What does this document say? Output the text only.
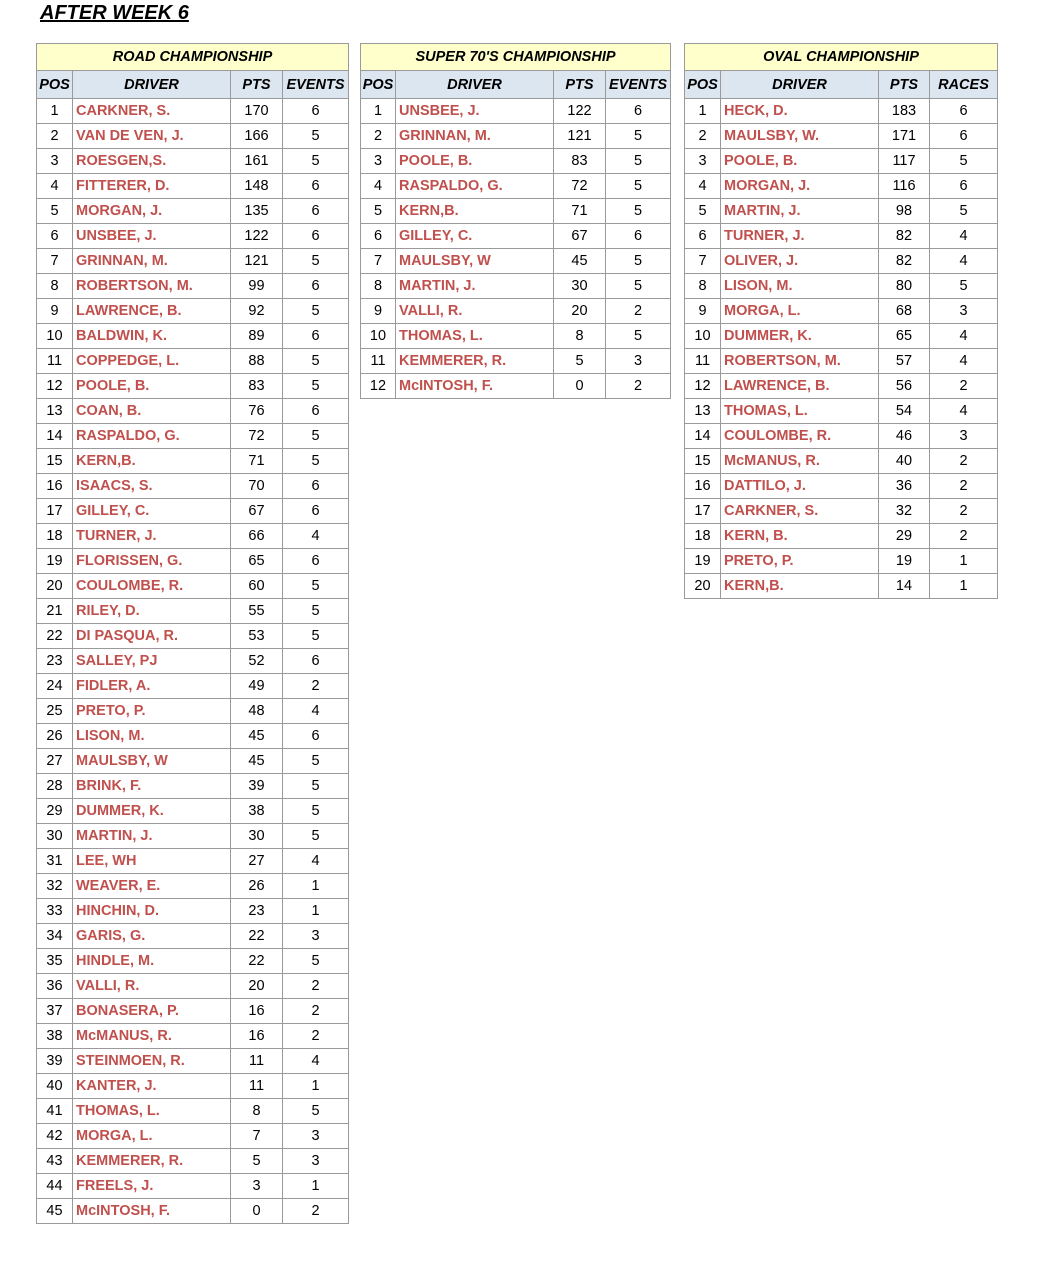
AFTER WEEK 6
ROAD CHAMPIONSHIP			
POS	DRIVER	PTS	EVENTS
1	CARKNER, S.	170	6
2	VAN DE VEN, J.	166	5
3	ROESGEN,S.	161	5
4	FITTERER, D.	148	6
5	MORGAN, J.	135	6
6	UNSBEE, J.	122	6
7	GRINNAN, M.	121	5
8	ROBERTSON, M.	99	6
9	LAWRENCE, B.	92	5
10	BALDWIN, K.	89	6
11	COPPEDGE, L.	88	5
12	POOLE, B.	83	5
13	COAN, B.	76	6
14	RASPALDO, G.	72	5
15	KERN,B.	71	5
16	ISAACS, S.	70	6
17	GILLEY, C.	67	6
18	TURNER, J.	66	4
19	FLORISSEN, G.	65	6
20	COULOMBE, R.	60	5
21	RILEY, D.	55	5
22	DI PASQUA, R.	53	5
23	SALLEY, PJ	52	6
24	FIDLER, A.	49	2
25	PRETO, P.	48	4
26	LISON, M.	45	6
27	MAULSBY, W	45	5
28	BRINK, F.	39	5
29	DUMMER, K.	38	5
30	MARTIN, J.	30	5
31	LEE, WH	27	4
32	WEAVER, E.	26	1
33	HINCHIN, D.	23	1
34	GARIS, G.	22	3
35	HINDLE, M.	22	5
36	VALLI, R.	20	2
37	BONASERA, P.	16	2
38	McMANUS, R.	16	2
39	STEINMOEN, R.	11	4
40	KANTER, J.	11	1
41	THOMAS, L.	8	5
42	MORGA, L.	7	3
43	KEMMERER, R.	5	3
44	FREELS, J.	3	1
45	McINTOSH, F.	0	2
SUPER 70'S CHAMPIONSHIP			
POS	DRIVER	PTS	EVENTS
1	UNSBEE, J.	122	6
2	GRINNAN, M.	121	5
3	POOLE, B.	83	5
4	RASPALDO, G.	72	5
5	KERN,B.	71	5
6	GILLEY, C.	67	6
7	MAULSBY, W	45	5
8	MARTIN, J.	30	5
9	VALLI, R.	20	2
10	THOMAS, L.	8	5
11	KEMMERER, R.	5	3
12	McINTOSH, F.	0	2
OVAL CHAMPIONSHIP			
POS	DRIVER	PTS	RACES
1	HECK, D.	183	6
2	MAULSBY, W.	171	6
3	POOLE, B.	117	5
4	MORGAN, J.	116	6
5	MARTIN, J.	98	5
6	TURNER, J.	82	4
7	OLIVER, J.	82	4
8	LISON, M.	80	5
9	MORGA, L.	68	3
10	DUMMER, K.	65	4
11	ROBERTSON, M.	57	4
12	LAWRENCE, B.	56	2
13	THOMAS, L.	54	4
14	COULOMBE, R.	46	3
15	McMANUS, R.	40	2
16	DATTILO, J.	36	2
17	CARKNER, S.	32	2
18	KERN, B.	29	2
19	PRETO, P.	19	1
20	KERN,B.	14	1
